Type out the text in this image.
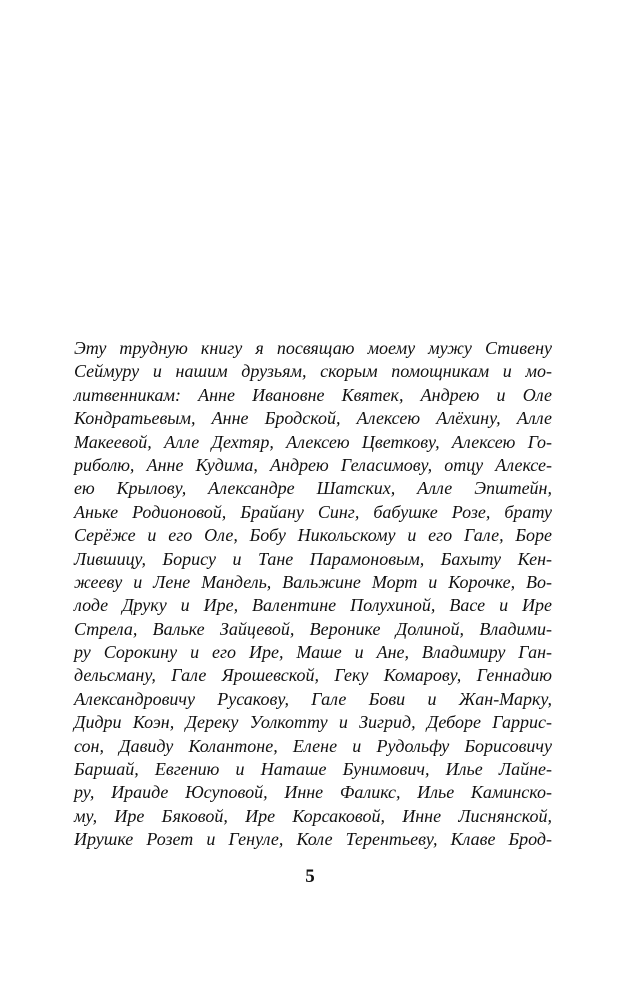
Эту трудную книгу я посвящаю моему мужу Стивену
Сеймуру и нашим друзьям, скорым помощникам и мо-
литвенникам: Анне Ивановне Квятек, Андрею и Оле
Кондратьевым, Анне Бродской, Алексею Алёхину, Алле
Макеевой, Алле Дехтяр, Алексею Цветкову, Алексею Го-
риболю, Анне Кудима, Андрею Геласимову, отцу Алексе-
ею Крылову, Александре Шатских, Алле Эпштейн,
Аньке Родионовой, Брайану Синг, бабушке Розе, брату
Серёже и его Оле, Бобу Никольскому и его Гале, Боре
Лившицу, Борису и Тане Парамоновым, Бахыту Кен-
жееву и Лене Мандель, Вальжине Морт и Корочке, Во-
лоде Друку и Ире, Валентине Полухиной, Васе и Ире
Стрела, Вальке Зайцевой, Веронике Долиной, Владими-
ру Сорокину и его Ире, Маше и Ане, Владимиру Ган-
дельсману, Гале Ярошевской, Геку Комарову, Геннадию
Александровичу Русакову, Гале Бови и Жан-Марку,
Дидри Коэн, Дереку Уолкотту и Зигрид, Деборе Гаррис-
сон, Давиду Колантоне, Елене и Рудольфу Борисовичу
Баршай, Евгению и Наташе Бунимович, Илье Лайне-
ру, Ираиде Юсуповой, Инне Фаликс, Илье Каминско-
му, Ире Бяковой, Ире Корсаковой, Инне Лиснянской,
Ирушке Розет и Генуле, Коле Терентьеву, Клаве Брод-
5
